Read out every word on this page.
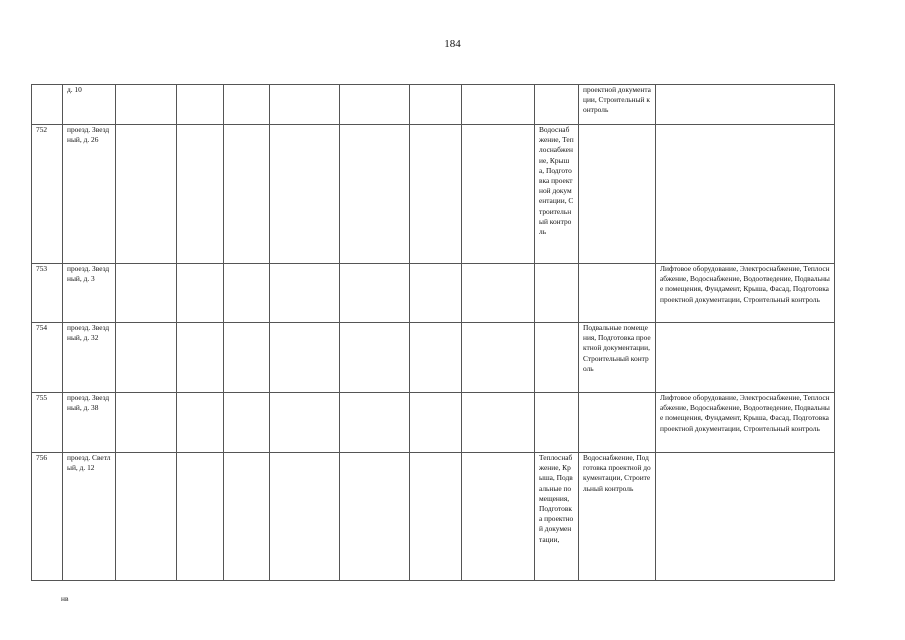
184
	д. 10									проектной документации, Строительный контроль	
752	проезд. Звездный, д. 26								Водоснабжение, Теплоснабжение, Крыша, Подготовка проектной документации, Строительный контроль		
753	проезд. Звездный, д. 3										Лифтовое оборудование, Электроснабжение, Теплоснабжение, Водоснабжение, Водоотведение, Подвальные помещения, Фундамент, Крыша, Фасад, Подготовка проектной документации, Строительный контроль
754	проезд. Звездный, д. 32									Подвальные помещения, Подготовка проектной документации, Строительный контроль	
755	проезд. Звездный, д. 38										Лифтовое оборудование, Электроснабжение, Теплоснабжение, Водоснабжение, Водоотведение, Подвальные помещения, Фундамент, Крыша, Фасад, Подготовка проектной документации, Строительный контроль
756	проезд. Светлый, д. 12								Теплоснабжение, Крыша, Подвальные помещения, Подготовка проектной документации,	Водоснабжение, Подготовка проектной документации, Строительный контроль	
нв
